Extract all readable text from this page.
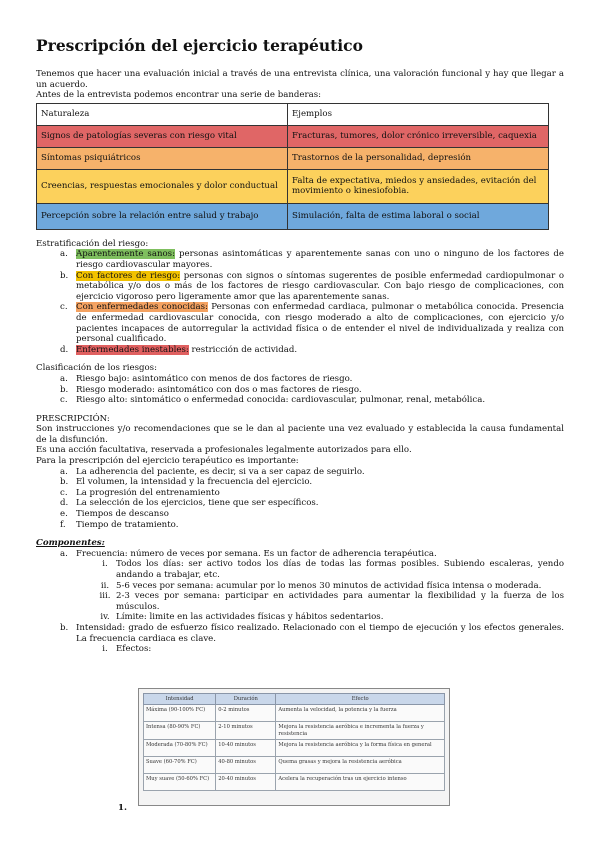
Prescripción del ejercicio terapéutico

Tenemos que hacer una evaluación inicial a través de una entrevista clínica, una valoración funcional y hay que llegar a un acuerdo.

Antes de la entrevista podemos encontrar una serie de banderas:

Naturaleza	Ejemplos
Signos de patologías severas con riesgo vital	Fracturas, tumores, dolor crónico irreversible, caquexia
Síntomas psiquiátricos	Trastornos de la personalidad, depresión
Creencias, respuestas emocionales y dolor conductual	Falta de expectativa, miedos y ansiedades, evitación del movimiento o kinesiofobia.
Percepción sobre la relación entre salud y trabajo	Simulación, falta de estima laboral o social

Estratificación del riesgo:

a. Aparentemente sanos: personas asintomáticas y aparentemente sanas con uno o ninguno de los factores de riesgo cardiovascular mayores.
b. Con factores de riesgo: personas con signos o síntomas sugerentes de posible enfermedad cardiopulmonar o metabólica y/o dos o más de los factores de riesgo cardiovascular. Con bajo riesgo de complicaciones, con ejercicio vigoroso pero ligeramente amor que las aparentemente sanas.
c. Con enfermedades conocidas: Personas con enfermedad cardiaca, pulmonar o metabólica conocida. Presencia de enfermedad cardiovascular conocida, con riesgo moderado a alto de complicaciones, con ejercicio y/o pacientes incapaces de autorregular la actividad física o de entender el nivel de individualizada y realiza con personal cualificado.
d. Enfermedades inestables: restricción de actividad.

Clasificación de los riesgos:

a. Riesgo bajo: asintomático con menos de dos factores de riesgo.
b. Riesgo moderado: asintomático con dos o mas factores de riesgo.
c. Riesgo alto: sintomático o enfermedad conocida: cardiovascular, pulmonar, renal, metabólica.

PRESCRIPCIÓN:

Son instrucciones y/o recomendaciones que se le dan al paciente una vez evaluado y establecida la causa fundamental de la disfunción.

Es una acción facultativa, reservada a profesionales legalmente autorizados para ello.

Para la prescripción del ejercicio terapéutico es importante:

a. La adherencia del paciente, es decir, si va a ser capaz de seguirlo.
b. El volumen, la intensidad y la frecuencia del ejercicio.
c. La progresión del entrenamiento
d. La selección de los ejercicios, tiene que ser específicos.
e. Tiempos de descanso
f.	Tiempo de tratamiento.

Componentes:

a. Frecuencia: número de veces por semana. Es un factor de adherencia terapéutica.
i. Todos los días: ser activo todos los días de todas las formas posibles. Subiendo escaleras, yendo andando a trabajar, etc.
ii. 5-6 veces por semana: acumular por lo menos 30 minutos de actividad física intensa o moderada.
iii. 2-3 veces por semana: participar en actividades para aumentar la flexibilidad y la fuerza de los músculos.
iv. Límite: limite en las actividades físicas y hábitos sedentarios.
b. Intensidad: grado de esfuerzo físico realizado. Relacionado con el tiempo de ejecución y los efectos generales. La frecuencia cardiaca es clave.
i. Efectos:
Intensidad	Duración	Efecto
Máxima (90-100% FC)	0-2 minutos	Aumenta la velocidad, la potencia y la fuerza
Intensa (80-90% FC)	2-10 minutos	Mejora la resistencia aeróbica e incrementa la fuerza y resistencia
Moderada (70-80% FC)	10-40 minutos	Mejora la resistencia aeróbica y la forma física en general
Suave (60-70% FC)	40-80 minutos	Quema grasas y mejora la resistencia aeróbica
Muy suave (50-60% FC)	20-40 minutos	Acelera la recuperación tras un ejercicio intenso
1.
